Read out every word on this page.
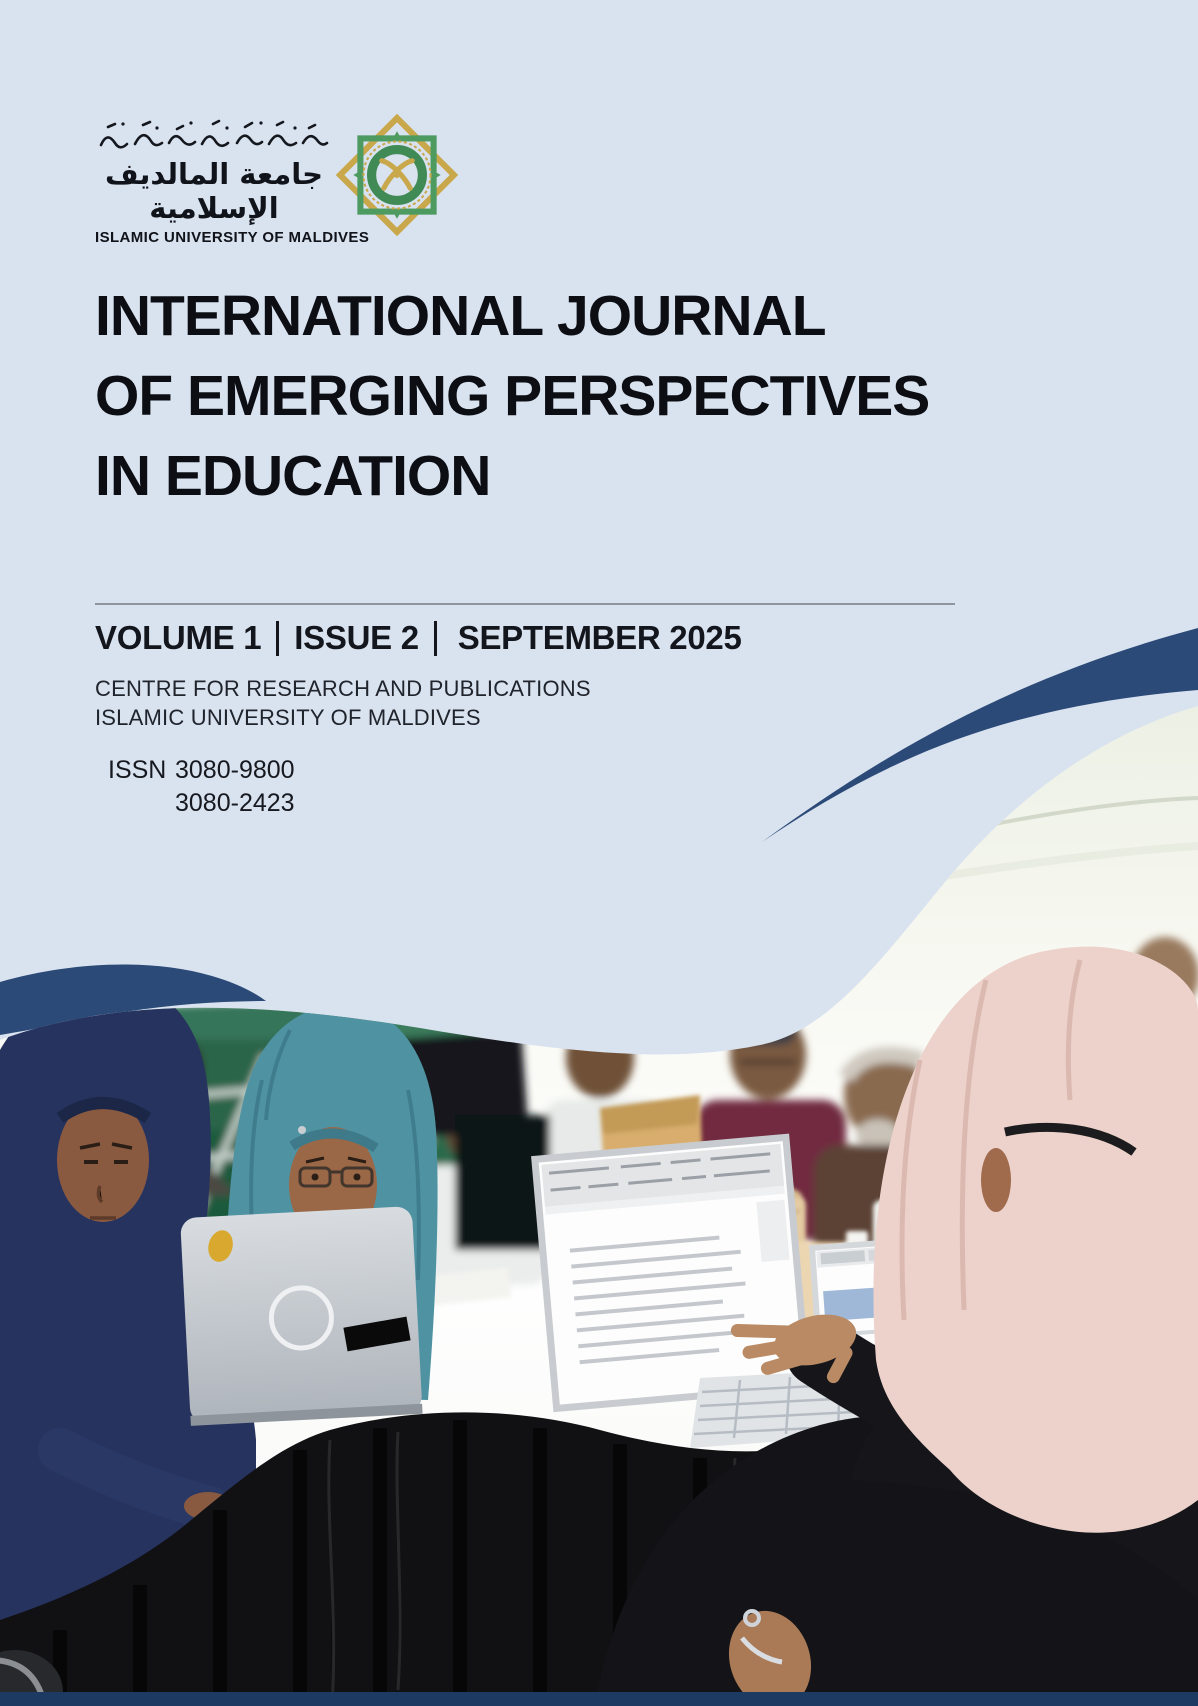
جامعة المالديف الإسلامية
ISLAMIC UNIVERSITY OF MALDIVES
INTERNATIONAL JOURNAL
OF EMERGING PERSPECTIVES
IN EDUCATION
VOLUME 1 ISSUE 2 SEPTEMBER 2025
CENTRE FOR RESEARCH AND PUBLICATIONS
ISLAMIC UNIVERSITY OF MALDIVES
ISSN 3080-9800
3080-2423
